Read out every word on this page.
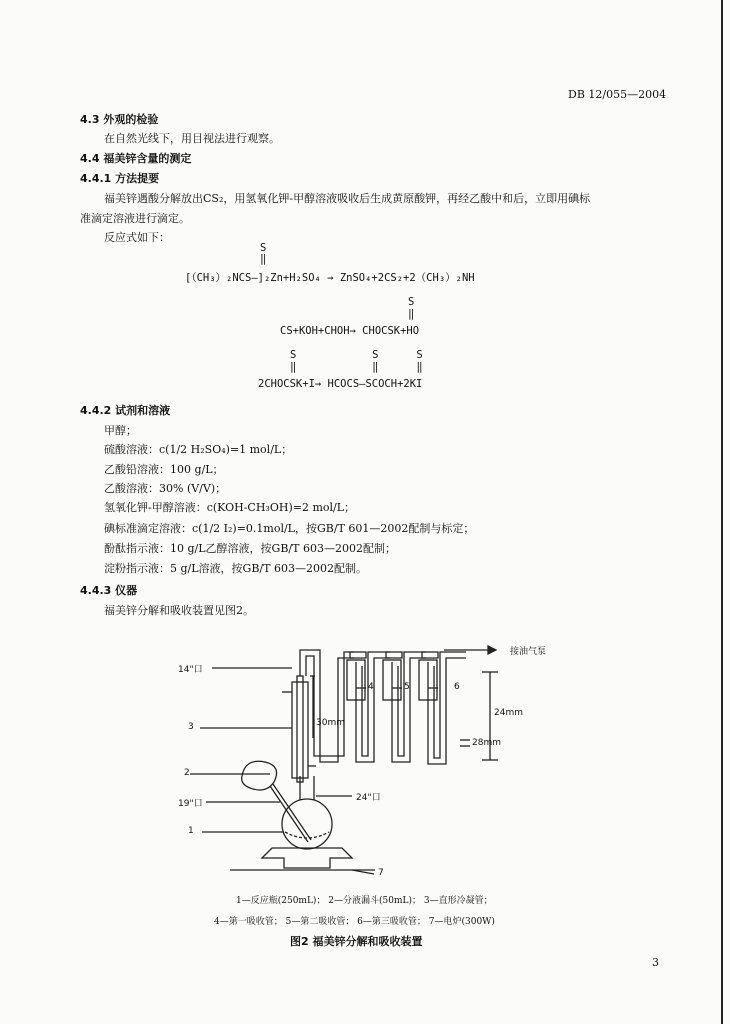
DB 12/055—2004
4.3 外观的检验
在自然光线下，用目视法进行观察。
4.4 福美锌含量的测定
4.4.1 方法提要
福美锌遇酸分解放出CS₂，用氢氧化钾-甲醇溶液吸收后生成黄原酸钾，再经乙酸中和后，立即用碘标
准滴定溶液进行滴定。
反应式如下：
S
‖
[（CH₃）₂NCS—]₂Zn+H₂SO₄ → ZnSO₄+2CS₂+2（CH₃）₂NH
S
‖
CS+KOH+CHOH→ CHOCSK+HO
S            S      S
‖            ‖      ‖
2CHOCSK+I→ HCOCS—SCOCH+2KI
4.4.2 试剂和溶液
甲醇；
硫酸溶液：c(1/2 H₂SO₄)=1 mol/L；
乙酸铅溶液：100 g/L；
乙酸溶液：30% (V/V)；
氢氧化钾-甲醇溶液：c(KOH-CH₃OH)=2 mol/L；
碘标准滴定溶液：c(1/2 I₂)=0.1mol/L，按GB/T 601—2002配制与标定；
酚酞指示液：10 g/L乙醇溶液，按GB/T 603—2002配制；
淀粉指示液：5 g/L溶液，按GB/T 603—2002配制。
4.4.3 仪器
福美锌分解和吸收装置见图2。
14"口
3
2
19"口
1
4	5	6
7
24"口
30mm
24mm
28mm
接油气泵
1—反应瓶(250mL)； 2—分液漏斗(50mL)； 3—直形冷凝管；
4—第一吸收管； 5—第二吸收管； 6—第三吸收管； 7—电炉(300W)
图2 福美锌分解和吸收装置
3
